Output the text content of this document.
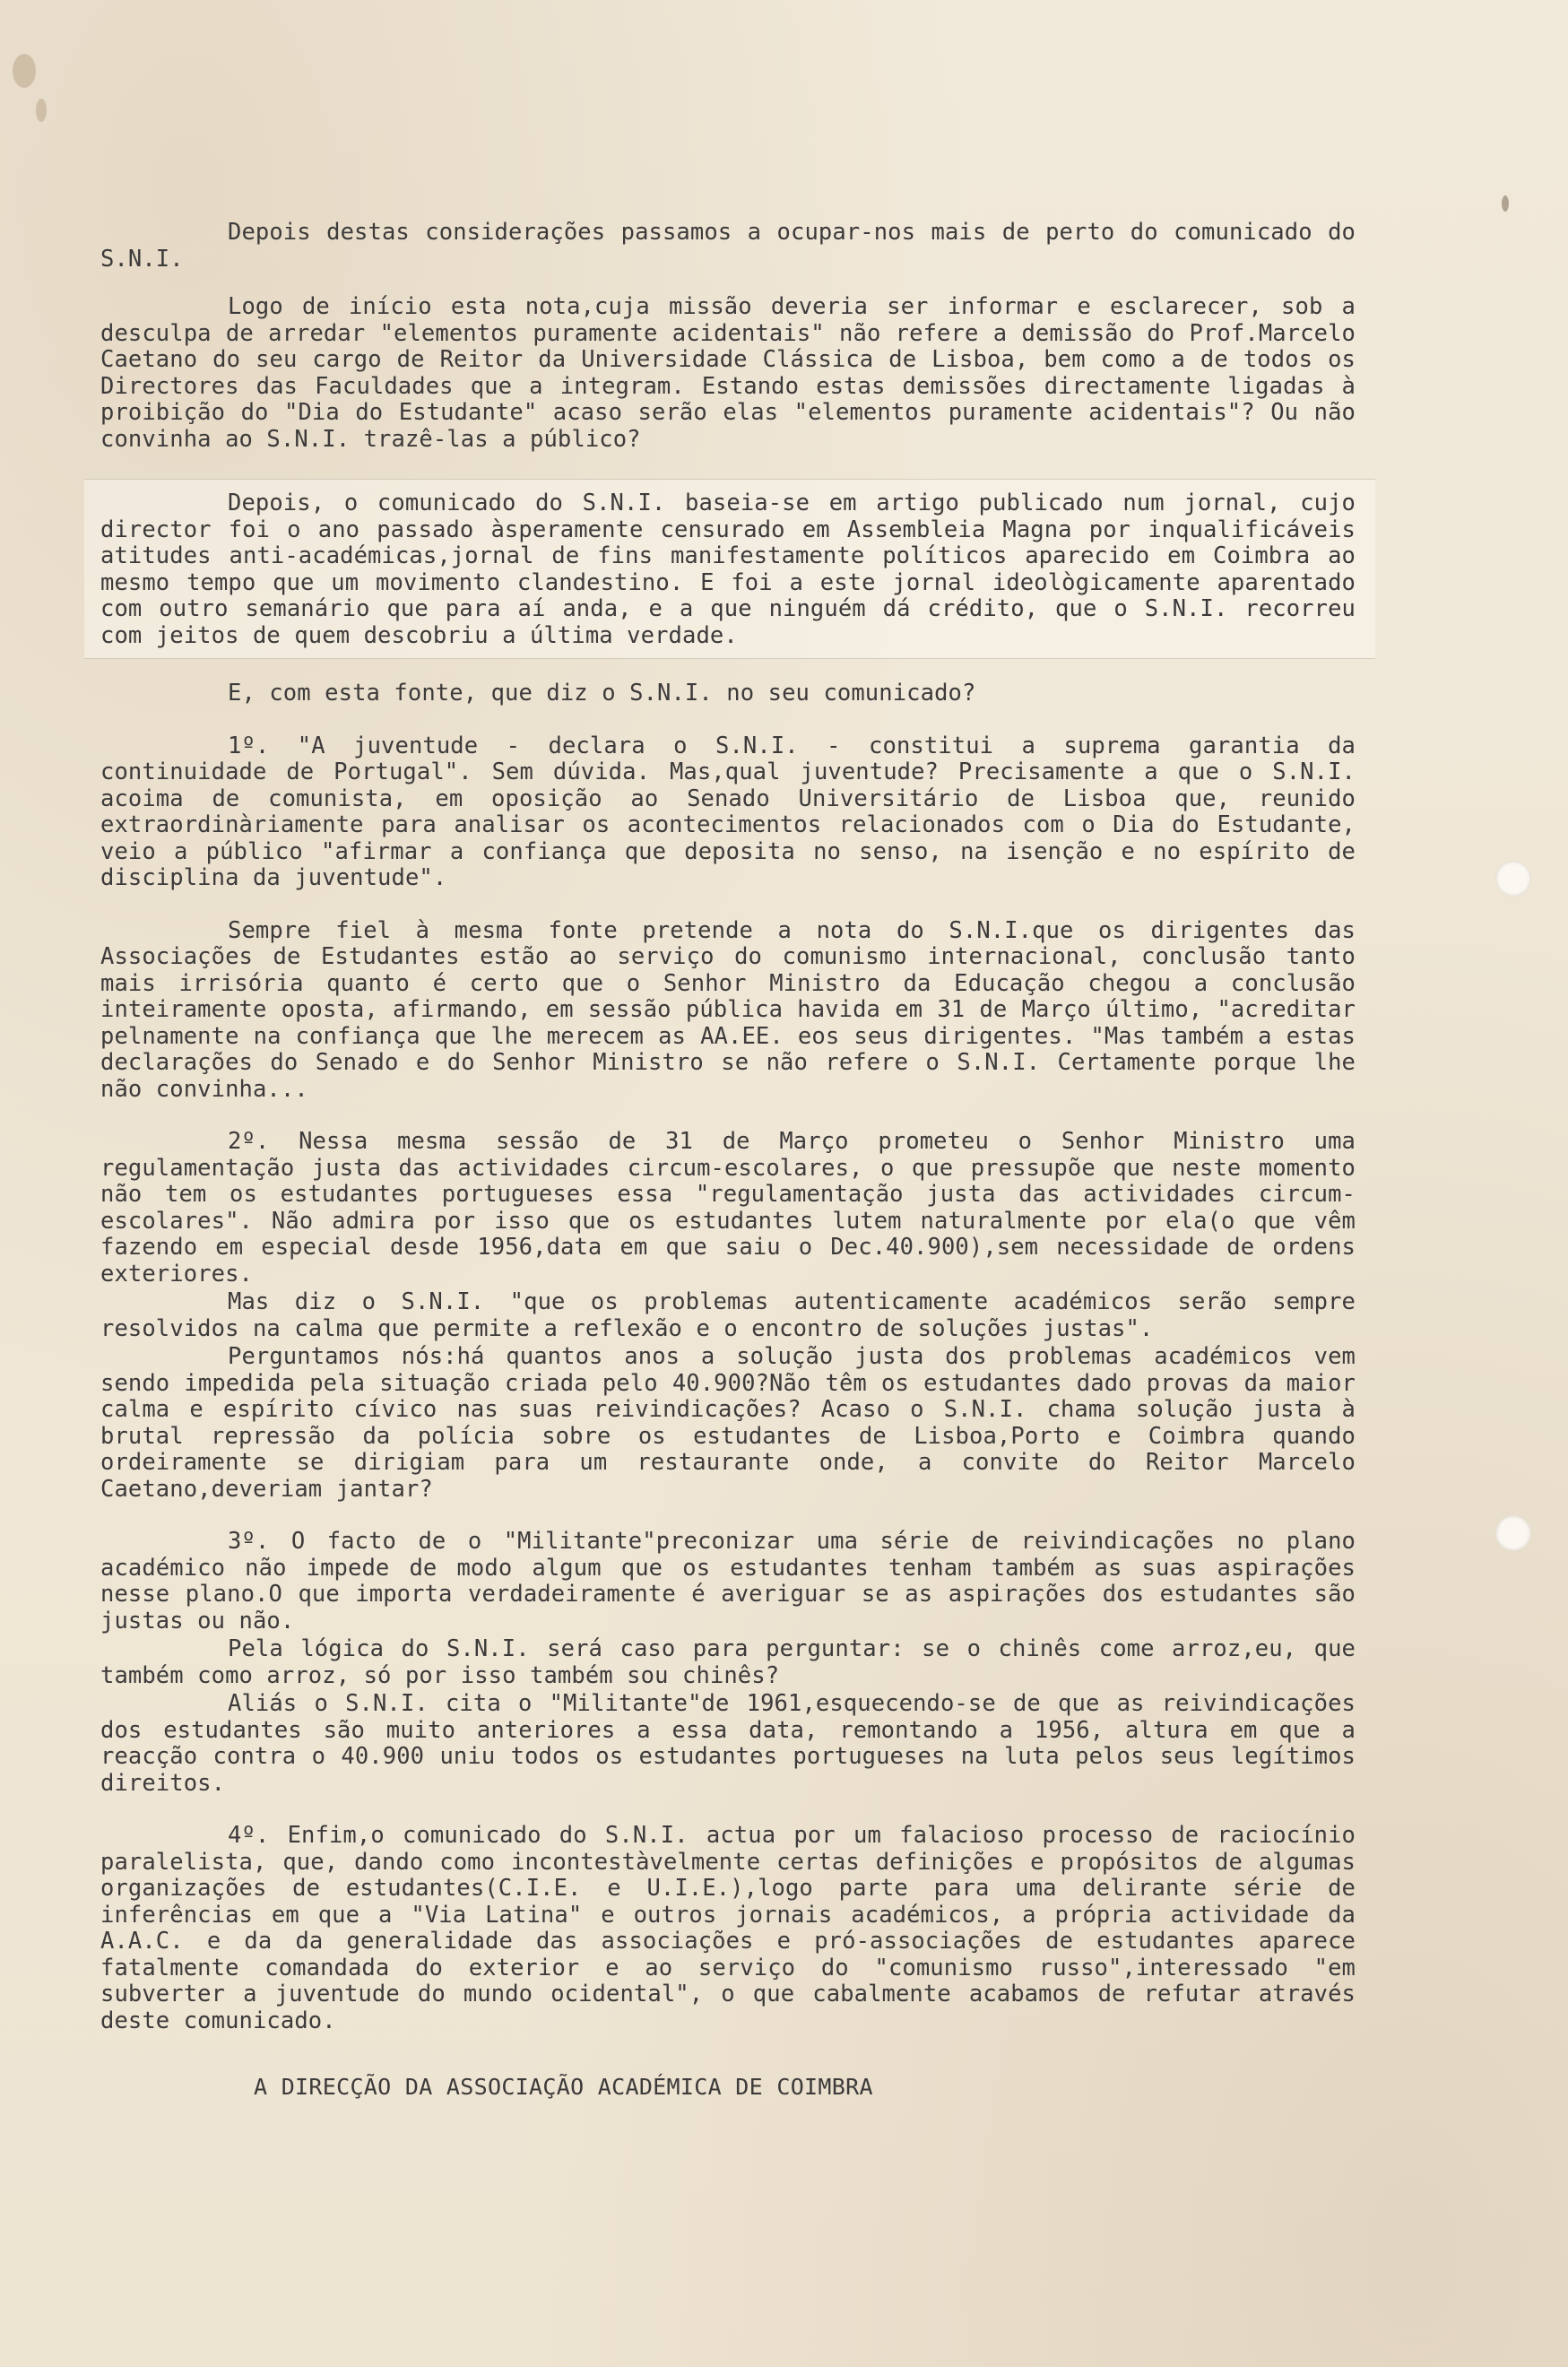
Depois destas considerações passamos a ocupar-nos mais de perto do comunicado do S.N.I.

Logo de início esta nota,cuja missão deveria ser informar e esclarecer, sob a desculpa de arredar "elementos puramente acidentais" não refere a demissão do Prof.Marcelo Caetano do seu cargo de Reitor da Universidade Clássica de Lisboa, bem como a de todos os Directores das Faculdades que a integram. Estando estas demissões directamente ligadas à proibição do "Dia do Estudante" acaso serão elas "elementos puramente acidentais"? Ou não convinha ao S.N.I. trazê-las a público?

Depois, o comunicado do S.N.I. baseia-se em artigo publicado num jornal, cujo director foi o ano passado àsperamente censurado em Assembleia Magna por inqualificáveis atitudes anti-académicas,jornal de fins manifestamente políticos aparecido em Coimbra ao mesmo tempo que um movimento clandestino. E foi a este jornal ideològicamente aparentado com outro semanário que para aí anda, e a que ninguém dá crédito, que o S.N.I. recorreu com jeitos de quem descobriu a última verdade.

E, com esta fonte, que diz o S.N.I. no seu comunicado?

1º. "A juventude - declara o S.N.I. - constitui a suprema garantia da continuidade de Portugal". Sem dúvida. Mas,qual juventude? Precisamente a que o S.N.I. acoima de comunista, em oposição ao Senado Universitário de Lisboa que, reunido extraordinàriamente para analisar os acontecimentos relacionados com o Dia do Estudante, veio a público "afirmar a confiança que deposita no senso, na isenção e no espírito de disciplina da juventude".

Sempre fiel à mesma fonte pretende a nota do S.N.I.que os dirigentes das Associações de Estudantes estão ao serviço do comunismo internacional, conclusão tanto mais irrisória quanto é certo que o Senhor Ministro da Educação chegou a conclusão inteiramente oposta, afirmando, em sessão pública havida em 31 de Março último, "acreditar pelnamente na confiança que lhe merecem as AA.EE. eos seus dirigentes. "Mas também a estas declarações do Senado e do Senhor Ministro se não refere o S.N.I. Certamente porque lhe não convinha...

2º. Nessa mesma sessão de 31 de Março prometeu o Senhor Ministro uma regulamentação justa das actividades circum-escolares, o que pressupõe que neste momento não tem os estudantes portugueses essa "regulamentação justa das actividades circum-escolares". Não admira por isso que os estudantes lutem naturalmente por ela(o que vêm fazendo em especial desde 1956,data em que saiu o Dec.40.900),sem necessidade de ordens exteriores.

Mas diz o S.N.I. "que os problemas autenticamente académicos serão sempre resolvidos na calma que permite a reflexão e o encontro de soluções justas".

Perguntamos nós:há quantos anos a solução justa dos problemas académicos vem sendo impedida pela situação criada pelo 40.900?Não têm os estudantes dado provas da maior calma e espírito cívico nas suas reivindicações? Acaso o S.N.I. chama solução justa à brutal repressão da polícia sobre os estudantes de Lisboa,Porto e Coimbra quando ordeiramente se dirigiam para um restaurante onde, a convite do Reitor Marcelo Caetano,deveriam jantar?

3º. O facto de o "Militante"preconizar uma série de reivindicações no plano académico não impede de modo algum que os estudantes tenham também as suas aspirações nesse plano.O que importa verdadeiramente é averiguar se as aspirações dos estudantes são justas ou não.

Pela lógica do S.N.I. será caso para perguntar: se o chinês come arroz,eu, que também como arroz, só por isso também sou chinês?

Aliás o S.N.I. cita o "Militante"de 1961,esquecendo-se de que as reivindicações dos estudantes são muito anteriores a essa data, remontando a 1956, altura em que a reacção contra o 40.900 uniu todos os estudantes portugueses na luta pelos seus legítimos direitos.

4º. Enfim,o comunicado do S.N.I. actua por um falacioso processo de raciocínio paralelista, que, dando como incontestàvelmente certas definições e propósitos de algumas organizações de estudantes(C.I.E. e U.I.E.),logo parte para uma delirante série de inferências em que a "Via Latina" e outros jornais académicos, a própria actividade da A.A.C. e da da generalidade das associações e pró-associações de estudantes aparece fatalmente comandada do exterior e ao serviço do "comunismo russo",interessado "em subverter a juventude do mundo ocidental", o que cabalmente acabamos de refutar através deste comunicado.

A DIRECÇÃO DA ASSOCIAÇÃO ACADÉMICA DE COIMBRA
